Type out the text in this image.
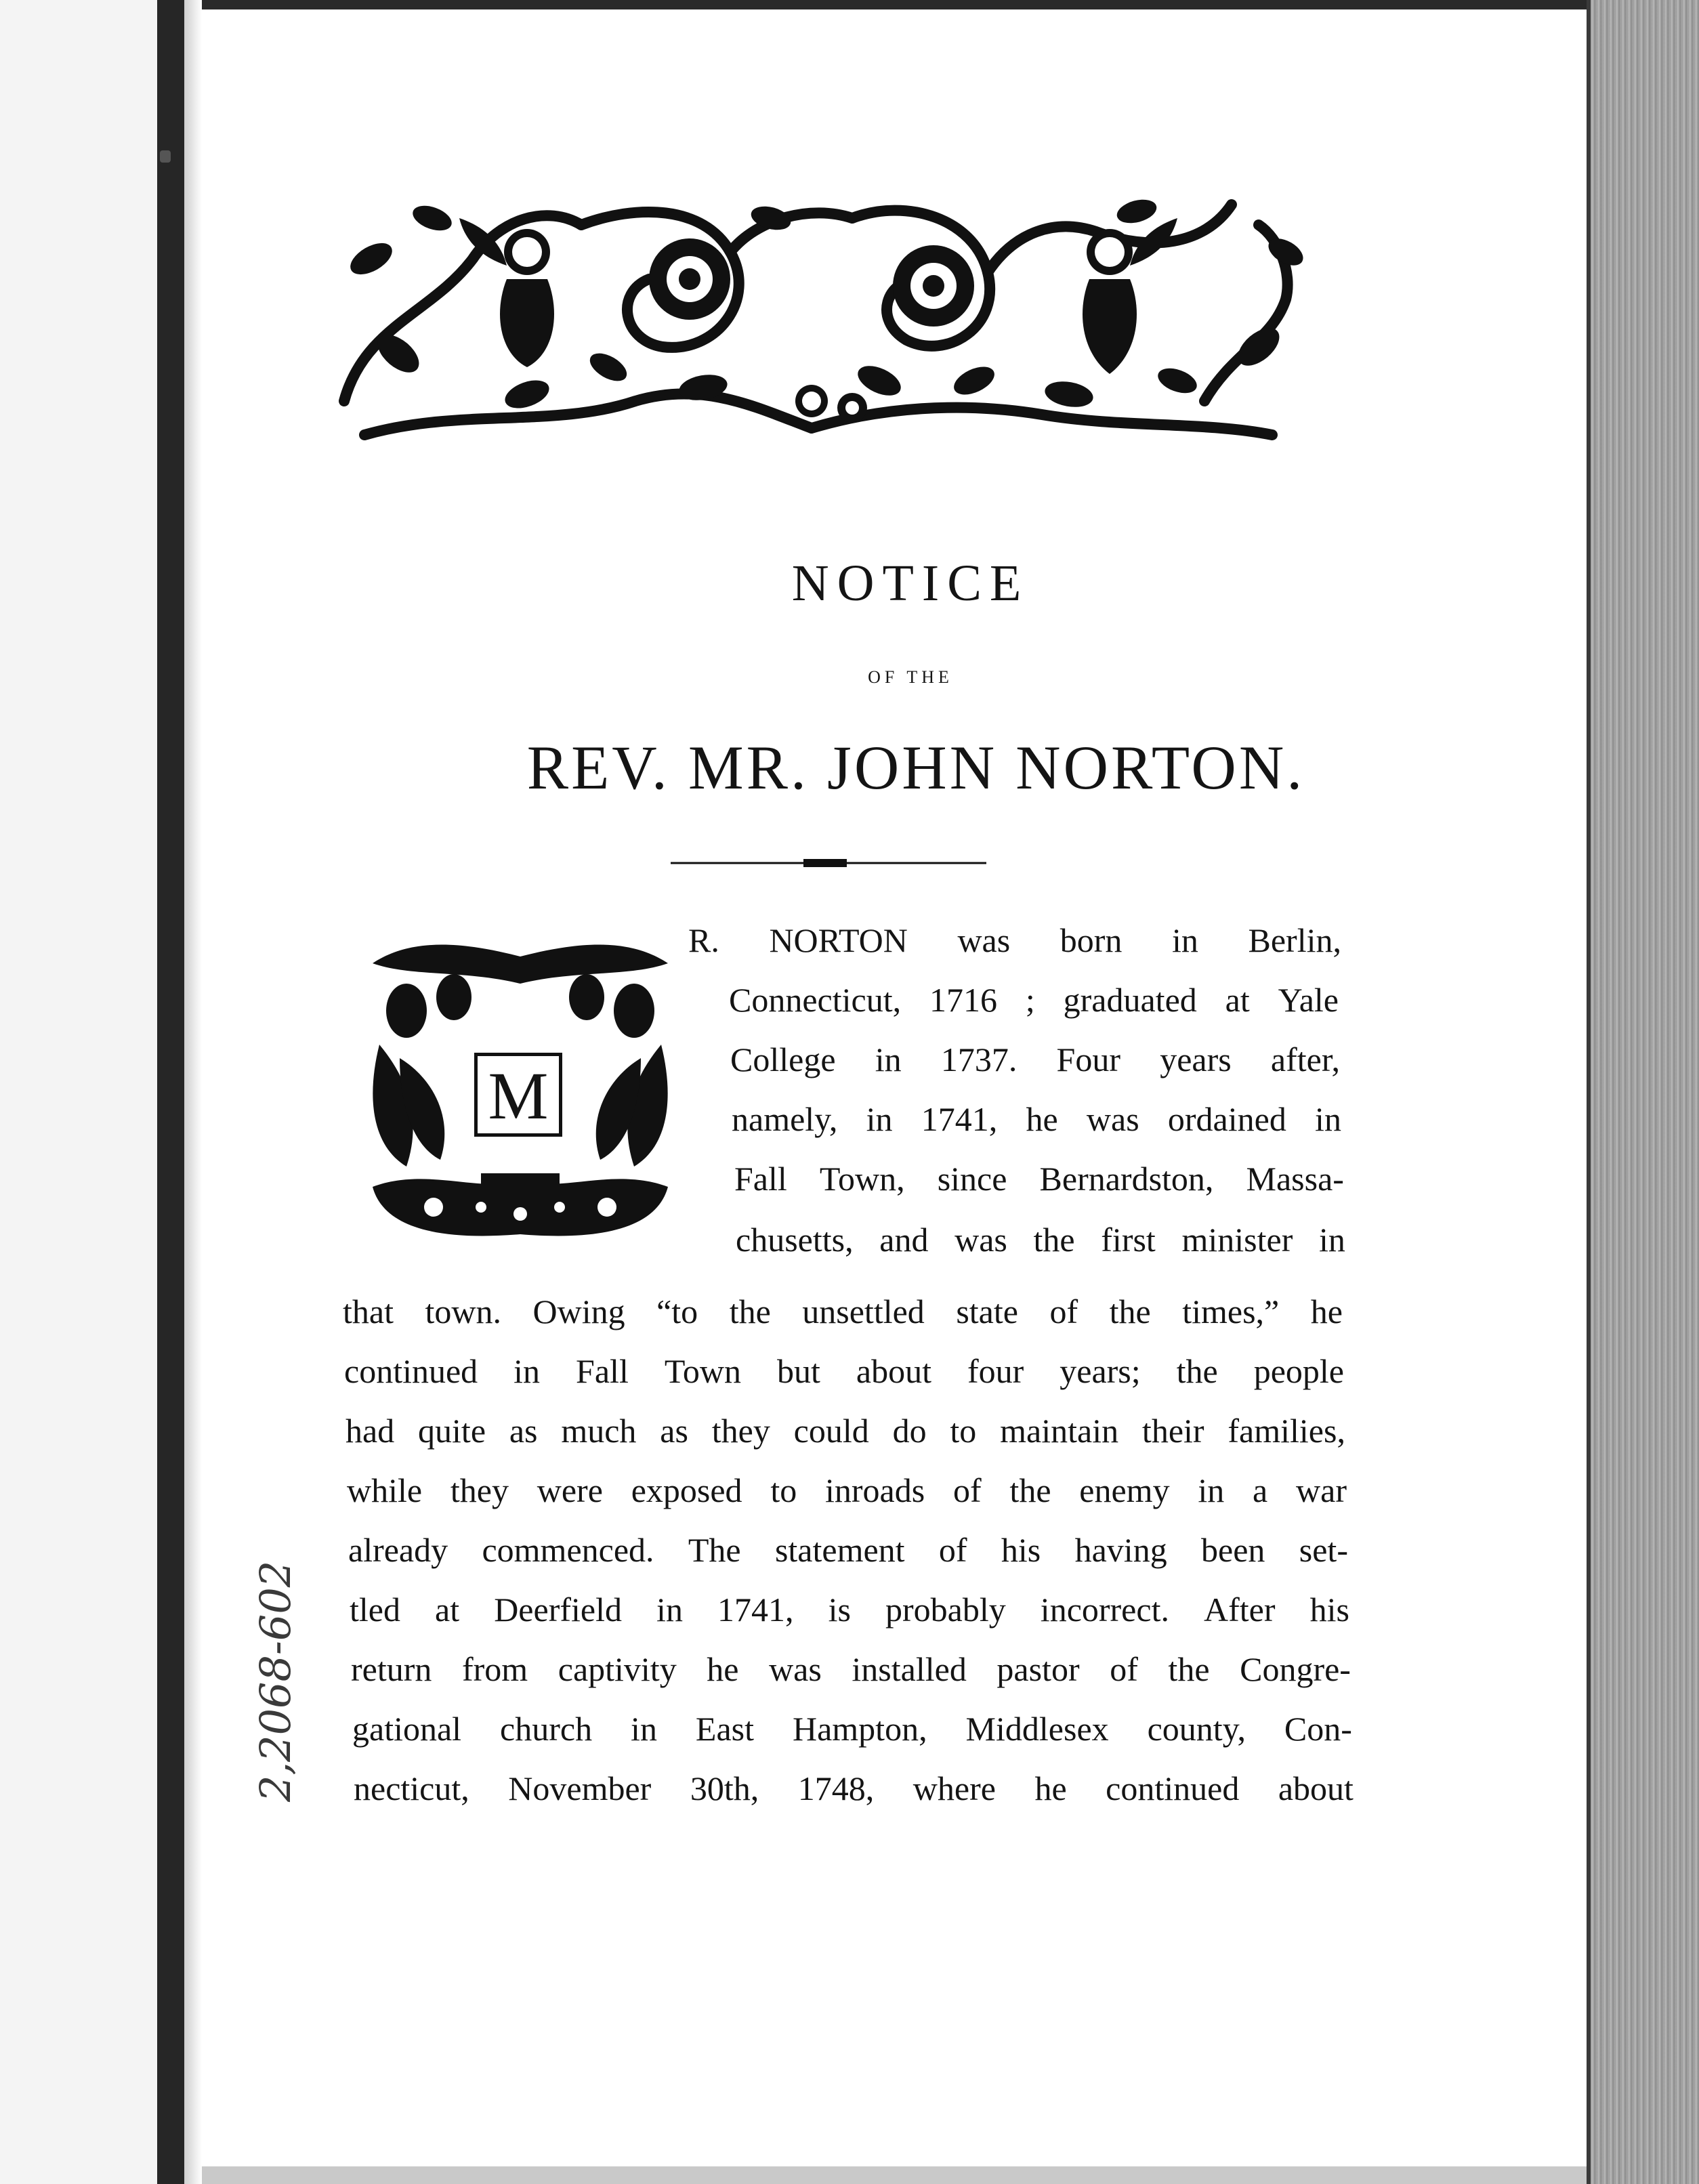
NOTICE
OF THE
REV. MR. JOHN NORTON.
M
R. NORTON was born in Berlin,
Connecticut, 1716 ; graduated at Yale
College in 1737. Four years after,
namely, in 1741, he was ordained in
Fall Town, since Bernardston, Massa-
chusetts, and was the first minister in
that town. Owing “to the unsettled state of the times,” he
continued in Fall Town but about four years; the people
had quite as much as they could do to maintain their families,
while they were exposed to inroads of the enemy in a war
already commenced. The statement of his having been set-
tled at Deerfield in 1741, is probably incorrect. After his
return from captivity he was installed pastor of the Congre-
gational church in East Hampton, Middlesex county, Con-
necticut, November 30th, 1748, where he continued about
2,2068-602
